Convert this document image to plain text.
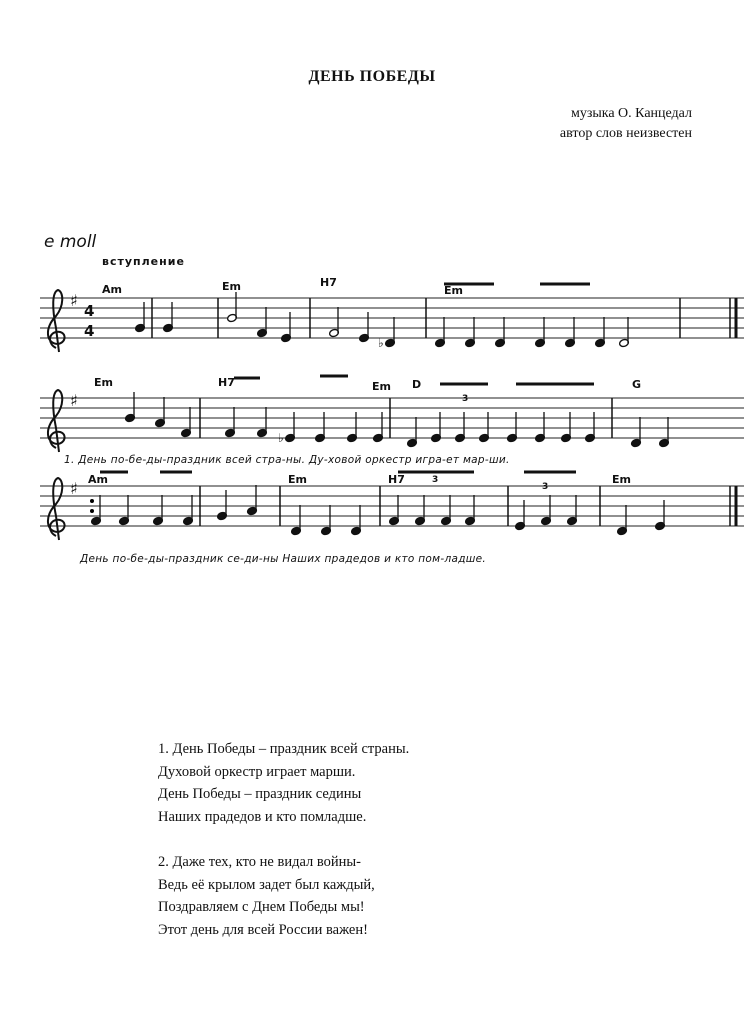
ДЕНЬ ПОБЕДЫ
музыка О. Канцедал
автор слов неизвестен
e moll
вступление
♯
4
4
♭
♯
♭
♯
Am	Em	H7
Em
Em	H7	Em D	G
Am	Em	H7	Em
3
3
3
1. День по-бе-ды-праздник всей стра-ны. Ду-ховой оркестр игра-ет мар-ши.
День по-бе-ды-праздник се-ди-ны Наших прадедов и кто пом-ладше.
1. День Победы – праздник всей страны.
Духовой оркестр играет марши.
День Победы – праздник седины
Наших прадедов и кто помладше.
2. Даже тех, кто не видал войны-
Ведь её крылом задет был каждый,
Поздравляем с Днем Победы мы!
Этот день для всей России важен!
